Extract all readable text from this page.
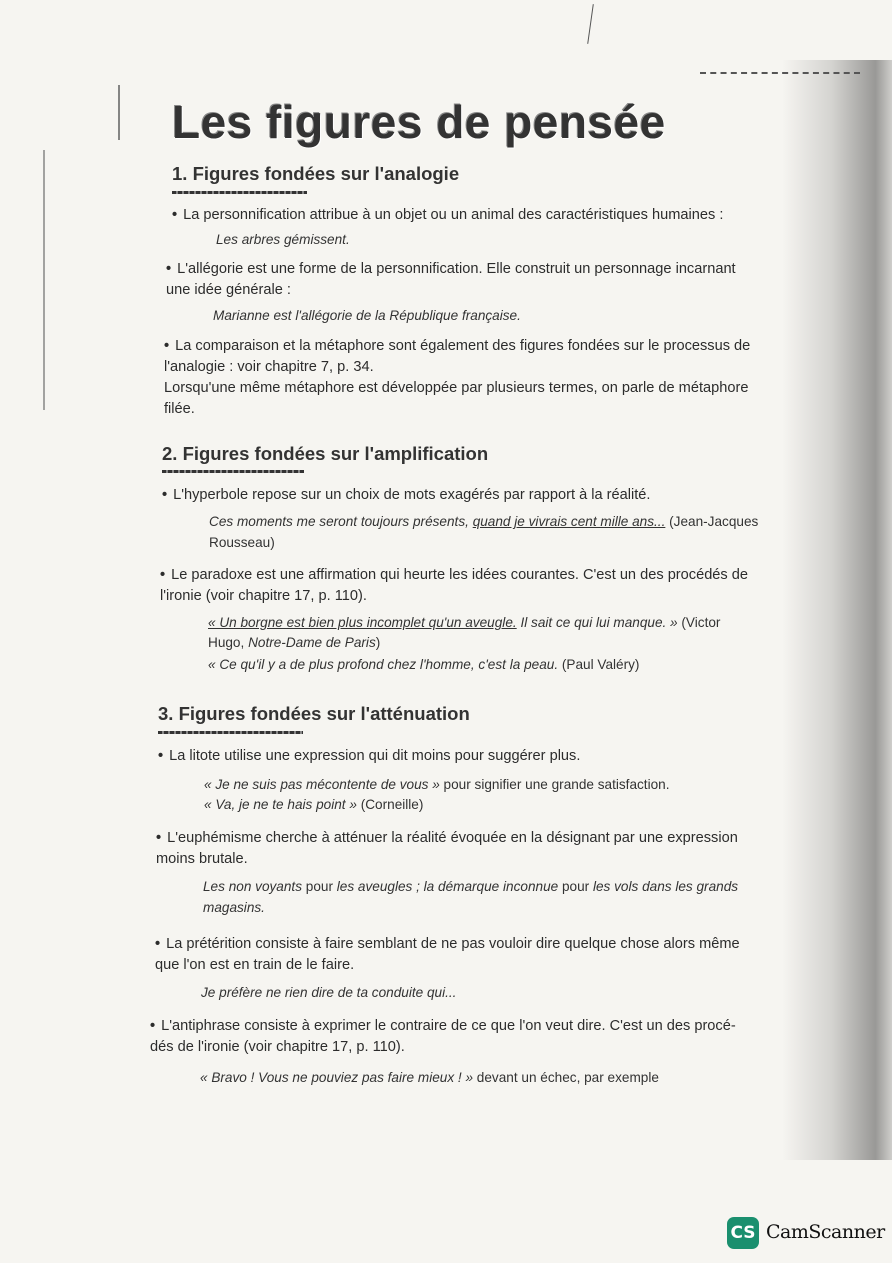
Les figures de pensée
1. Figures fondées sur l'analogie
• La personnification attribue à un objet ou un animal des caractéristiques humaines :
Les arbres gémissent.
• L'allégorie est une forme de la personnification. Elle construit un personnage incarnant
une idée générale :
Marianne est l'allégorie de la République française.
• La comparaison et la métaphore sont également des figures fondées sur le processus de
l'analogie : voir chapitre 7, p. 34.
Lorsqu'une même métaphore est développée par plusieurs termes, on parle de métaphore
filée.
2. Figures fondées sur l'amplification
• L'hyperbole repose sur un choix de mots exagérés par rapport à la réalité.
Ces moments me seront toujours présents, quand je vivrais cent mille ans... (Jean-Jacques
Rousseau)
• Le paradoxe est une affirmation qui heurte les idées courantes. C'est un des procédés de
l'ironie (voir chapitre 17, p. 110).
« Un borgne est bien plus incomplet qu'un aveugle. Il sait ce qui lui manque. » (Victor
Hugo, Notre-Dame de Paris)
« Ce qu'il y a de plus profond chez l'homme, c'est la peau. (Paul Valéry)
3. Figures fondées sur l'atténuation
• La litote utilise une expression qui dit moins pour suggérer plus.
« Je ne suis pas mécontente de vous » pour signifier une grande satisfaction.
« Va, je ne te hais point » (Corneille)
• L'euphémisme cherche à atténuer la réalité évoquée en la désignant par une expression
moins brutale.
Les non voyants pour les aveugles ; la démarque inconnue pour les vols dans les grands
magasins.
• La prétérition consiste à faire semblant de ne pas vouloir dire quelque chose alors même
que l'on est en train de le faire.
Je préfère ne rien dire de ta conduite qui...
• L'antiphrase consiste à exprimer le contraire de ce que l'on veut dire. C'est un des procé-
dés de l'ironie (voir chapitre 17, p. 110).
« Bravo ! Vous ne pouviez pas faire mieux ! » devant un échec, par exemple
CS CamScanner
